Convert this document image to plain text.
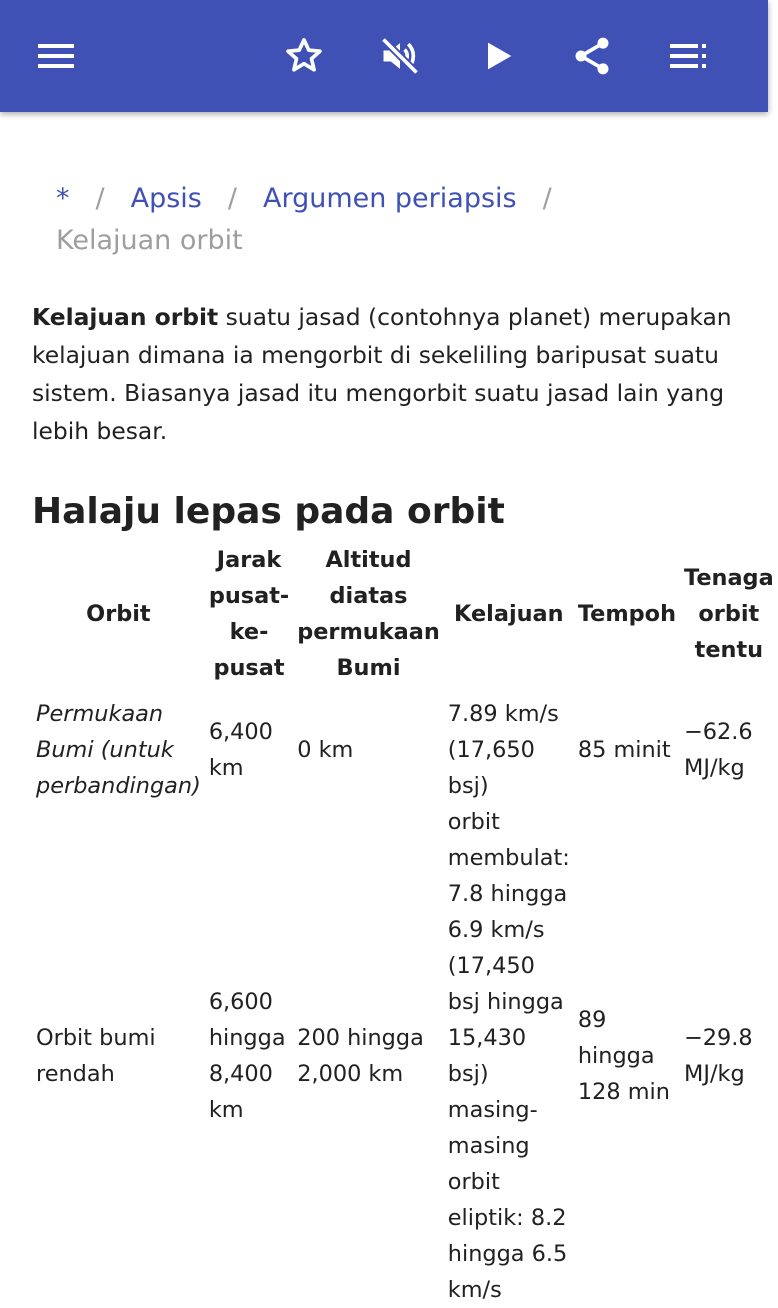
* / Apsis / Argumen periapsis /
Kelajuan orbit

Kelajuan orbit suatu jasad (contohnya planet) merupakan kelajuan dimana ia mengorbit di sekeliling baripusat suatu sistem. Biasanya jasad itu mengorbit suatu jasad lain yang lebih besar.

Halaju lepas pada orbit
Orbit	Jarak pusat-ke-pusat	Altitud diatas permukaan Bumi	Kelajuan	Tempoh	Tenaga orbit tentu
Permukaan Bumi (untuk perbandingan)	6,400 km	0 km	7.89 km/s (17,650 bsj)	85 minit	−62.6 MJ/kg
Orbit bumi rendah	6,600 hingga 8,400 km	200 hingga 2,000 km	orbit membulat: 7.8 hingga 6.9 km/s (17,450 bsj hingga 15,430 bsj) masing-masing orbit eliptik: 8.2 hingga 6.5 km/s	89 hingga 128 min	−29.8 MJ/kg
